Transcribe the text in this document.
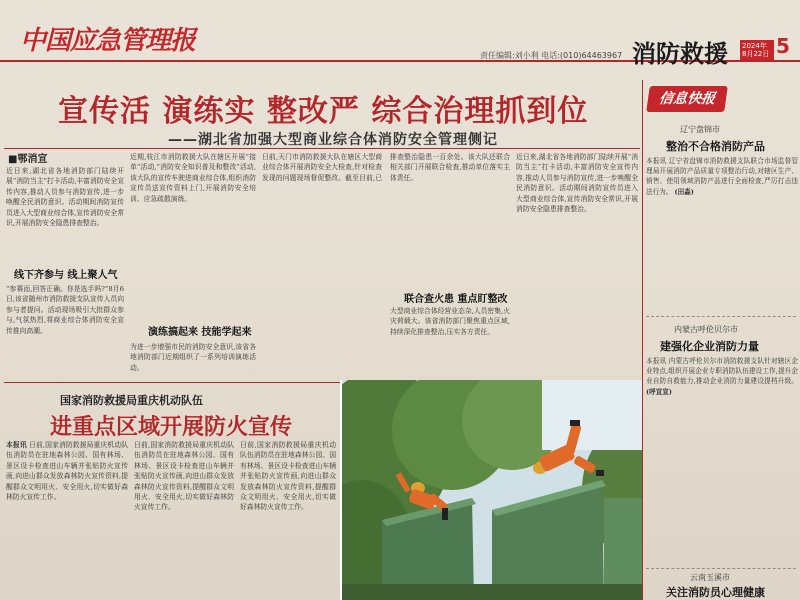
中国应急管理报	责任编辑:刘小利 电话:(010)64463967 消防救援 2024年
8月22日 5
宣传活 演练实 整改严 综合治理抓到位
——湖北省加强大型商业综合体消防安全管理侧记
■鄂消宣
近日来,湖北省各地消防部门陆续开展“消防当主”打卡活动,丰富消防安全宣传内容,推动人员参与消防宣传,进一步唤醒全民消防意识。活动期间消防宣传员进入大型商业综合体,宣传消防安全常识,开展消防安全隐患排查整治。
线下齐参与 线上聚人气
“参赛而,回答正确。你是选手吗?”8月6日,该省随州市消防救援支队宣传人员向参与者提问。活动现场吸引大批群众参与,气氛热烈,将商业综合体消防安全宣传推向高潮。
近期,枝江市消防救援大队在辖区开展“接单”活动,“消防安全知识普及和整改”活动,该大队的宣传车驶进商业综合体,组织消防宣传员送宣传资料上门,开展消防安全培训、应急疏散演练。
演练搞起来 技能学起来
为进一步增强市民的消防安全意识,该省各地消防部门近期组织了一系列培训演练活动。
日前,天门市消防救援大队在辖区大型商业综合体开展消防安全大检查,针对检查发现的问题现场督促整改。截至目前,已排查整治隐患一百余处。该大队还联合相关部门开展联合检查,推动单位落实主体责任。
联合查火患 重点盯整改
大型商业综合体经营业态杂,人员密集,火灾荷载大。该省消防部门聚焦重点区域,持续深化排查整治,压实各方责任。
近日来,湖北省各地消防部门陆续开展“消防当主”打卡活动,丰富消防安全宣传内容,推动人员参与消防宣传,进一步唤醒全民消防意识。活动期间消防宣传员进入大型商业综合体,宣传消防安全常识,开展消防安全隐患排查整治。
国家消防救援局重庆机动队伍
进重点区域开展防火宣传
本报讯 日前,国家消防救援局重庆机动队伍消防员在驻地森林公园、国有林场、景区设卡检查进山车辆并张贴防火宣传画,向进山群众发放森林防火宣传资料,提醒群众文明用火、安全用火,切实做好森林防火宣传工作。
日前,国家消防救援局重庆机动队伍消防员在驻地森林公园、国有林场、景区设卡检查进山车辆并张贴防火宣传画,向进山群众发放森林防火宣传资料,提醒群众文明用火、安全用火,切实做好森林防火宣传工作。
日前,国家消防救援局重庆机动队伍消防员在驻地森林公园、国有林场、景区设卡检查进山车辆并张贴防火宣传画,向进山群众发放森林防火宣传资料,提醒群众文明用火、安全用火,切实做好森林防火宣传工作。
信息快报
辽宁盘锦市
整治不合格消防产品
本报讯 辽宁省盘锦市消防救援支队联合市场监督管理局开展消防产品质量专项整治行动,对辖区生产、销售、使用领域消防产品进行全面检查,严厉打击违法行为。 (田淼)
内蒙古呼伦贝尔市
建强化企业消防力量
本报讯 内蒙古呼伦贝尔市消防救援支队针对辖区企业特点,组织开展企业专职消防队伍建设工作,提升企业自防自救能力,推动企业消防力量建设提档升级。 (呼宣宣)
云南玉溪市
关注消防员心理健康
